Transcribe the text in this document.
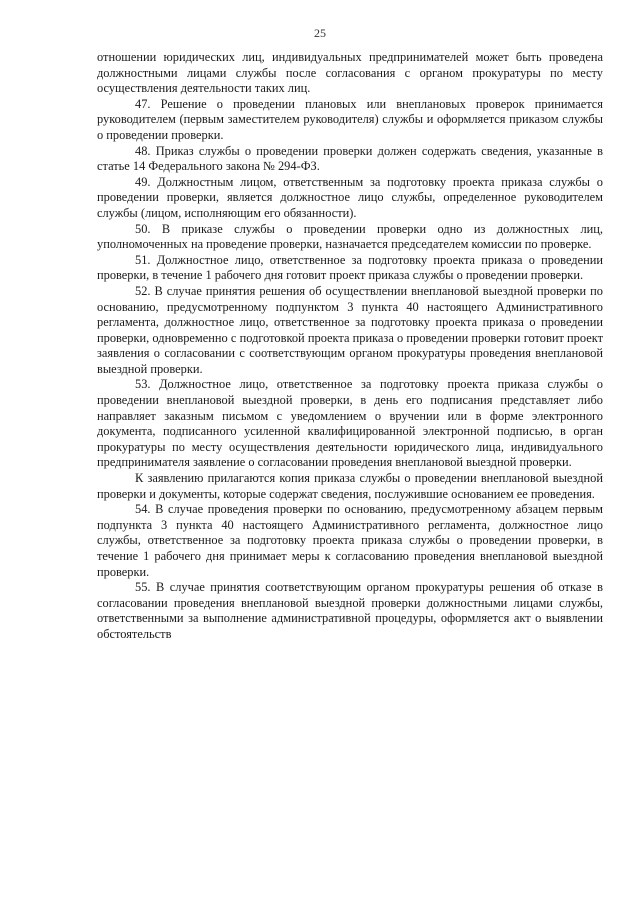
25

отношении юридических лиц, индивидуальных предпринимателей может быть проведена должностными лицами службы после согласования с органом прокуратуры по месту осуществления деятельности таких лиц.

47. Решение о проведении плановых или внеплановых проверок принимается руководителем (первым заместителем руководителя) службы и оформляется приказом службы о проведении проверки.

48. Приказ службы о проведении проверки должен содержать сведения, указанные в статье 14 Федерального закона № 294-ФЗ.

49. Должностным лицом, ответственным за подготовку проекта приказа службы о проведении проверки, является должностное лицо службы, определенное руководителем службы (лицом, исполняющим его обязанности).

50. В приказе службы о проведении проверки одно из должностных лиц, уполномоченных на проведение проверки, назначается председателем комиссии по проверке.

51. Должностное лицо, ответственное за подготовку проекта приказа о проведении проверки, в течение 1 рабочего дня готовит проект приказа службы о проведении проверки.

52. В случае принятия решения об осуществлении внеплановой выездной проверки по основанию, предусмотренному подпунктом 3 пункта 40 настоящего Административного регламента, должностное лицо, ответственное за подготовку проекта приказа о проведении проверки, одновременно с подготовкой проекта приказа о проведении проверки готовит проект заявления о согласовании с соответствующим органом прокуратуры проведения внеплановой выездной проверки.

53. Должностное лицо, ответственное за подготовку проекта приказа службы о проведении внеплановой выездной проверки, в день его подписания представляет либо направляет заказным письмом с уведомлением о вручении или в форме электронного документа, подписанного усиленной квалифицированной электронной подписью, в орган прокуратуры по месту осуществления деятельности юридического лица, индивидуального предпринимателя заявление о согласовании проведения внеплановой выездной проверки.

К заявлению прилагаются копия приказа службы о проведении внеплановой выездной проверки и документы, которые содержат сведения, послужившие основанием ее проведения.

54. В случае проведения проверки по основанию, предусмотренному абзацем первым подпункта 3 пункта 40 настоящего Административного регламента, должностное лицо службы, ответственное за подготовку проекта приказа службы о проведении проверки, в течение 1 рабочего дня принимает меры к согласованию проведения внеплановой выездной проверки.

55. В случае принятия соответствующим органом прокуратуры решения об отказе в согласовании проведения внеплановой выездной проверки должностными лицами службы, ответственными за выполнение административной процедуры, оформляется акт о выявлении обстоятельств
